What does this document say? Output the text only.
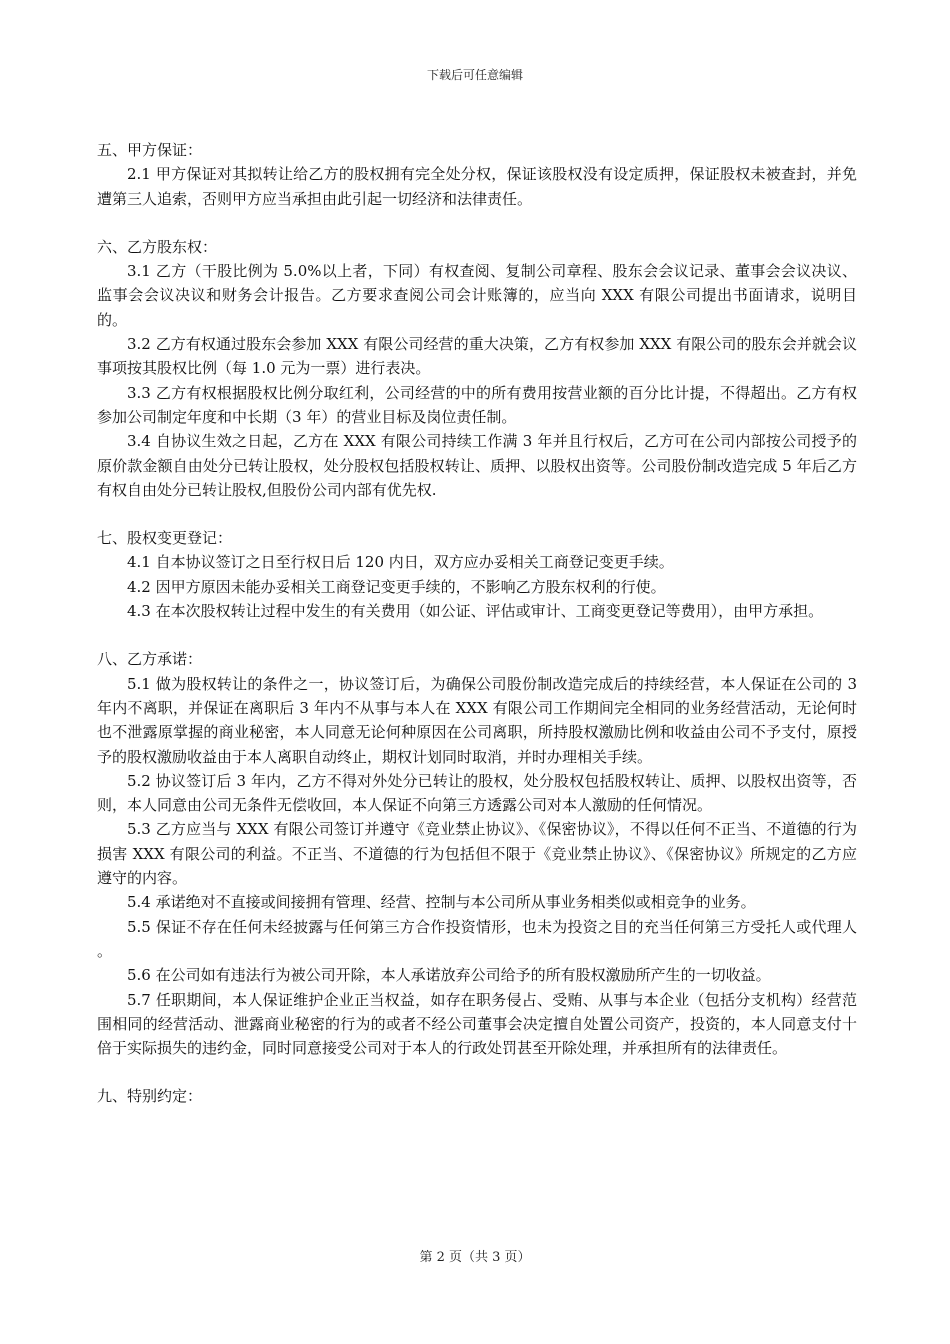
下载后可任意编辑

五、甲方保证：

2.1 甲方保证对其拟转让给乙方的股权拥有完全处分权，保证该股权没有设定质押，保证股权未被查封，并免遭第三人追索，否则甲方应当承担由此引起一切经济和法律责任。

六、乙方股东权：

3.1 乙方（干股比例为 5.0%以上者，下同）有权查阅、复制公司章程、股东会会议记录、董事会会议决议、监事会会议决议和财务会计报告。乙方要求查阅公司会计账簿的，应当向 XXX 有限公司提出书面请求，说明目的。

3.2 乙方有权通过股东会参加 XXX 有限公司经营的重大决策，乙方有权参加 XXX 有限公司的股东会并就会议事项按其股权比例（每 1.0 元为一票）进行表决。

3.3 乙方有权根据股权比例分取红利，公司经营的中的所有费用按营业额的百分比计提，不得超出。乙方有权参加公司制定年度和中长期（3 年）的营业目标及岗位责任制。

3.4 自协议生效之日起，乙方在 XXX 有限公司持续工作满 3 年并且行权后，乙方可在公司内部按公司授予的原价款金额自由处分已转让股权，处分股权包括股权转让、质押、以股权出资等。公司股份制改造完成 5 年后乙方有权自由处分已转让股权,但股份公司内部有优先权.

七、股权变更登记：

4.1 自本协议签订之日至行权日后 120 内日，双方应办妥相关工商登记变更手续。

4.2 因甲方原因未能办妥相关工商登记变更手续的，不影响乙方股东权利的行使。

4.3 在本次股权转让过程中发生的有关费用（如公证、评估或审计、工商变更登记等费用），由甲方承担。

八、乙方承诺：

5.1 做为股权转让的条件之一，协议签订后，为确保公司股份制改造完成后的持续经营，本人保证在公司的 3 年内不离职，并保证在离职后 3 年内不从事与本人在 XXX 有限公司工作期间完全相同的业务经营活动，无论何时也不泄露原掌握的商业秘密，本人同意无论何种原因在公司离职，所持股权激励比例和收益由公司不予支付，原授予的股权激励收益由于本人离职自动终止，期权计划同时取消，并时办理相关手续。

5.2 协议签订后 3 年内，乙方不得对外处分已转让的股权，处分股权包括股权转让、质押、以股权出资等，否则，本人同意由公司无条件无偿收回，本人保证不向第三方透露公司对本人激励的任何情况。

5.3 乙方应当与 XXX 有限公司签订并遵守《竞业禁止协议》、《保密协议》，不得以任何不正当、不道德的行为损害 XXX 有限公司的利益。不正当、不道德的行为包括但不限于《竞业禁止协议》、《保密协议》所规定的乙方应遵守的内容。

5.4 承诺绝对不直接或间接拥有管理、经营、控制与本公司所从事业务相类似或相竞争的业务。

5.5 保证不存在任何未经披露与任何第三方合作投资情形，也未为投资之目的充当任何第三方受托人或代理人 。

5.6 在公司如有违法行为被公司开除，本人承诺放弃公司给予的所有股权激励所产生的一切收益。

5.7 任职期间，本人保证维护企业正当权益，如存在职务侵占、受贿、从事与本企业（包括分支机构）经营范围相同的经营活动、泄露商业秘密的行为的或者不经公司董事会决定擅自处置公司资产，投资的，本人同意支付十倍于实际损失的违约金，同时同意接受公司对于本人的行政处罚甚至开除处理，并承担所有的法律责任。

九、特别约定：

第 2 页（共 3 页）
